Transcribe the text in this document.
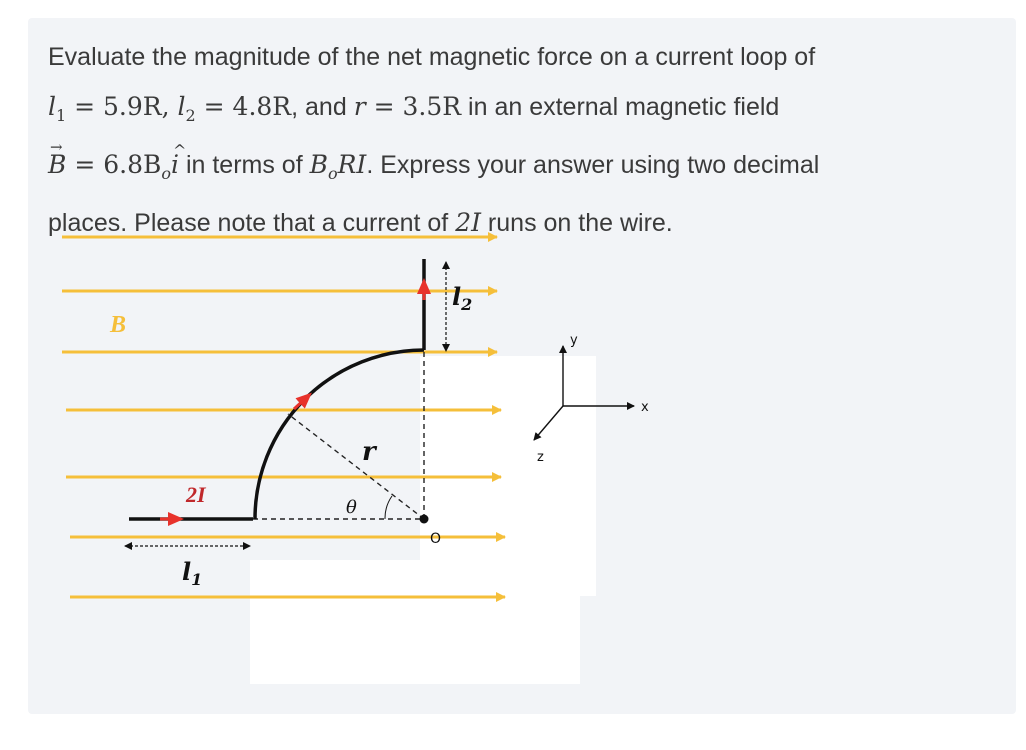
Evaluate the magnitude of the net magnetic force on a current loop of
$l_1 = 5.9R$, $l_2 = 4.8R$, and r = 3.5R in an external magnetic field
→ $B = 6.8B_o\^{}$ i in terms of $B_oRI$. Express your answer using two decimal
places. Please note that a current of 2I runs on the wire.
B
2I
$l_1$
$l_2$
r
θ
O
y
x
z
